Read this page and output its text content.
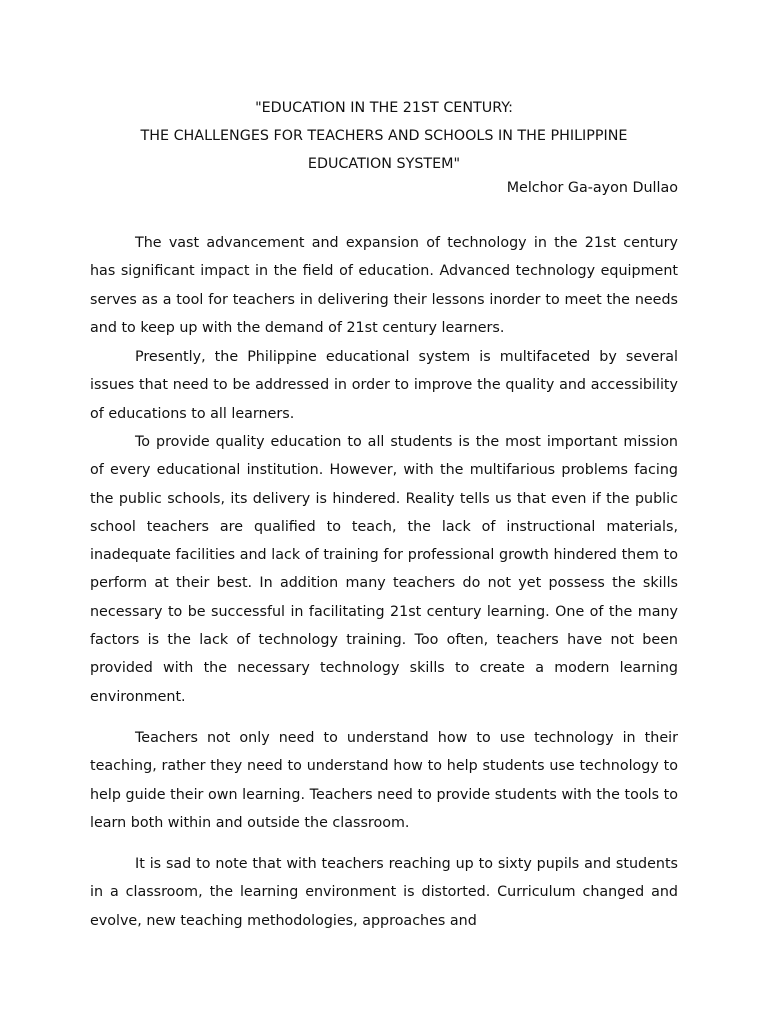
"EDUCATION IN THE 21ST CENTURY:
THE CHALLENGES FOR TEACHERS AND SCHOOLS IN THE PHILIPPINE
EDUCATION SYSTEM"
Melchor Ga-ayon Dullao

The vast advancement and expansion of technology in the 21st century has significant impact in the field of education. Advanced technology equipment serves as a tool for teachers in delivering their lessons inorder to meet the needs and to keep up with the demand of 21st century learners.

Presently, the Philippine educational system is multifaceted by several issues that need to be addressed in order to improve the quality and accessibility of educations to all learners.

To provide quality education to all students is the most important mission of every educational institution. However, with the multifarious problems facing the public schools, its delivery is hindered. Reality tells us that even if the public school teachers are qualified to teach, the lack of instructional materials, inadequate facilities and lack of training for professional growth hindered them to perform at their best. In addition many teachers do not yet possess the skills necessary to be successful in facilitating 21st century learning. One of the many factors is the lack of technology training. Too often, teachers have not been provided with the necessary technology skills to create a modern learning environment.

Teachers not only need to understand how to use technology in their teaching, rather they need to understand how to help students use technology to help guide their own learning. Teachers need to provide students with the tools to learn both within and outside the classroom.

It is sad to note that with teachers reaching up to sixty pupils and students in a classroom, the learning environment is distorted. Curriculum changed and evolve, new teaching methodologies, approaches and
